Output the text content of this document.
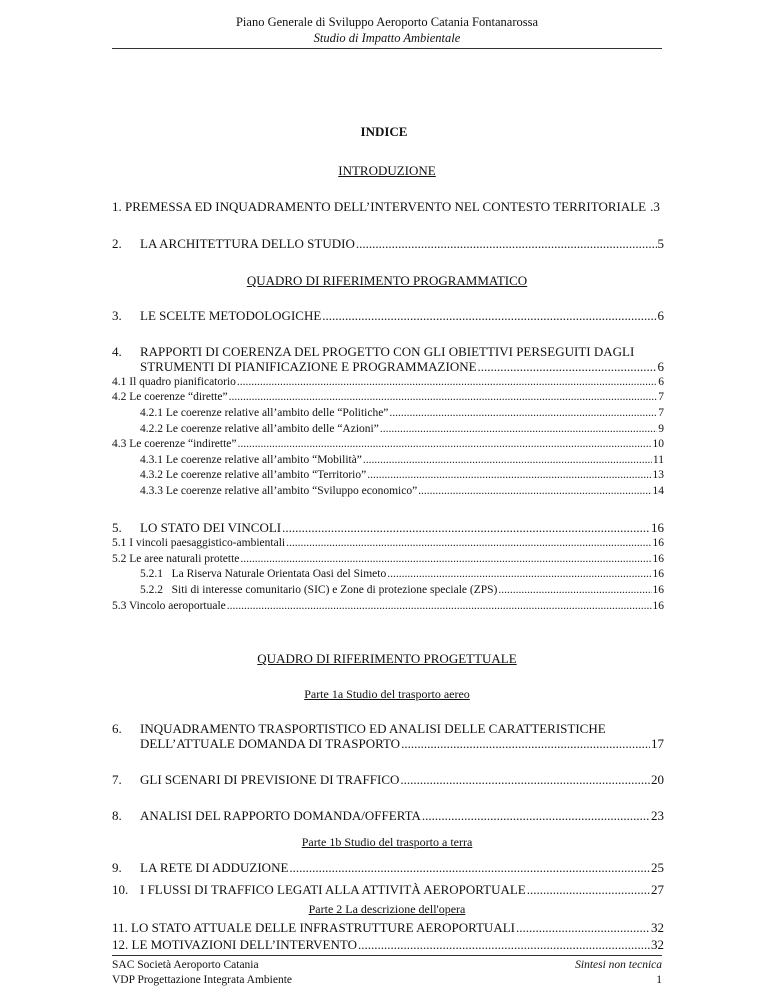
Piano Generale di Sviluppo Aeroporto Catania Fontanarossa
Studio di Impatto Ambientale
INDICE
INTRODUZIONE
1. PREMESSA ED INQUADRAMENTO DELL’INTERVENTO NEL CONTESTO TERRITORIALE .3
2.	LA ARCHITETTURA DELLO STUDIO .....	5
QUADRO DI RIFERIMENTO PROGRAMMATICO
3.	LE SCELTE METODOLOGICHE .....	6
4. RAPPORTI DI COERENZA DEL PROGETTO CON GLI OBIETTIVI PERSEGUITI DAGLI
STRUMENTI DI PIANIFICAZIONE E PROGRAMMAZIONE .....	6
4.1 Il quadro pianificatorio .....	6
4.2 Le coerenze “dirette” .....	7
4.2.1 Le coerenze relative all’ambito delle “Politiche” .....	7
4.2.2 Le coerenze relative all’ambito delle “Azioni” .....	9
4.3 Le coerenze “indirette” .....	10
4.3.1 Le coerenze relative all’ambito “Mobilità” .....	11
4.3.2 Le coerenze relative all’ambito “Territorio” .....	13
4.3.3 Le coerenze relative all’ambito “Sviluppo economico” .....	14
5.	LO STATO DEI VINCOLI .....	16
5.1 I vincoli paesaggistico-ambientali .....	16
5.2 Le aree naturali protette .....	16
5.2.1   La Riserva Naturale Orientata Oasi del Simeto .....	16
5.2.2   Siti di interesse comunitario (SIC) e Zone di protezione speciale (ZPS) .....	16
5.3 Vincolo aeroportuale .....	16
QUADRO DI RIFERIMENTO PROGETTUALE
Parte 1a Studio del trasporto aereo
6. INQUADRAMENTO TRASPORTISTICO ED ANALISI DELLE CARATTERISTICHE
DELL’ATTUALE DOMANDA DI TRASPORTO .....	17
7.	GLI SCENARI DI PREVISIONE DI TRAFFICO .....	20
8.	ANALISI DEL RAPPORTO DOMANDA/OFFERTA .....	23
Parte 1b Studio del trasporto a terra
9.	LA RETE DI ADDUZIONE .....	25
10. I FLUSSI DI TRAFFICO LEGATI ALLA ATTIVITÀ AEROPORTUALE .....	27
SAC Società Aeroporto Catania
VDP Progettazione Integrata Ambiente
Sintesi non tecnica
1
Parte 2 La descrizione dell'opera
11. LO STATO ATTUALE DELLE INFRASTRUTTURE AEROPORTUALI .....	32
12. LE MOTIVAZIONI DELL’INTERVENTO .....	32
